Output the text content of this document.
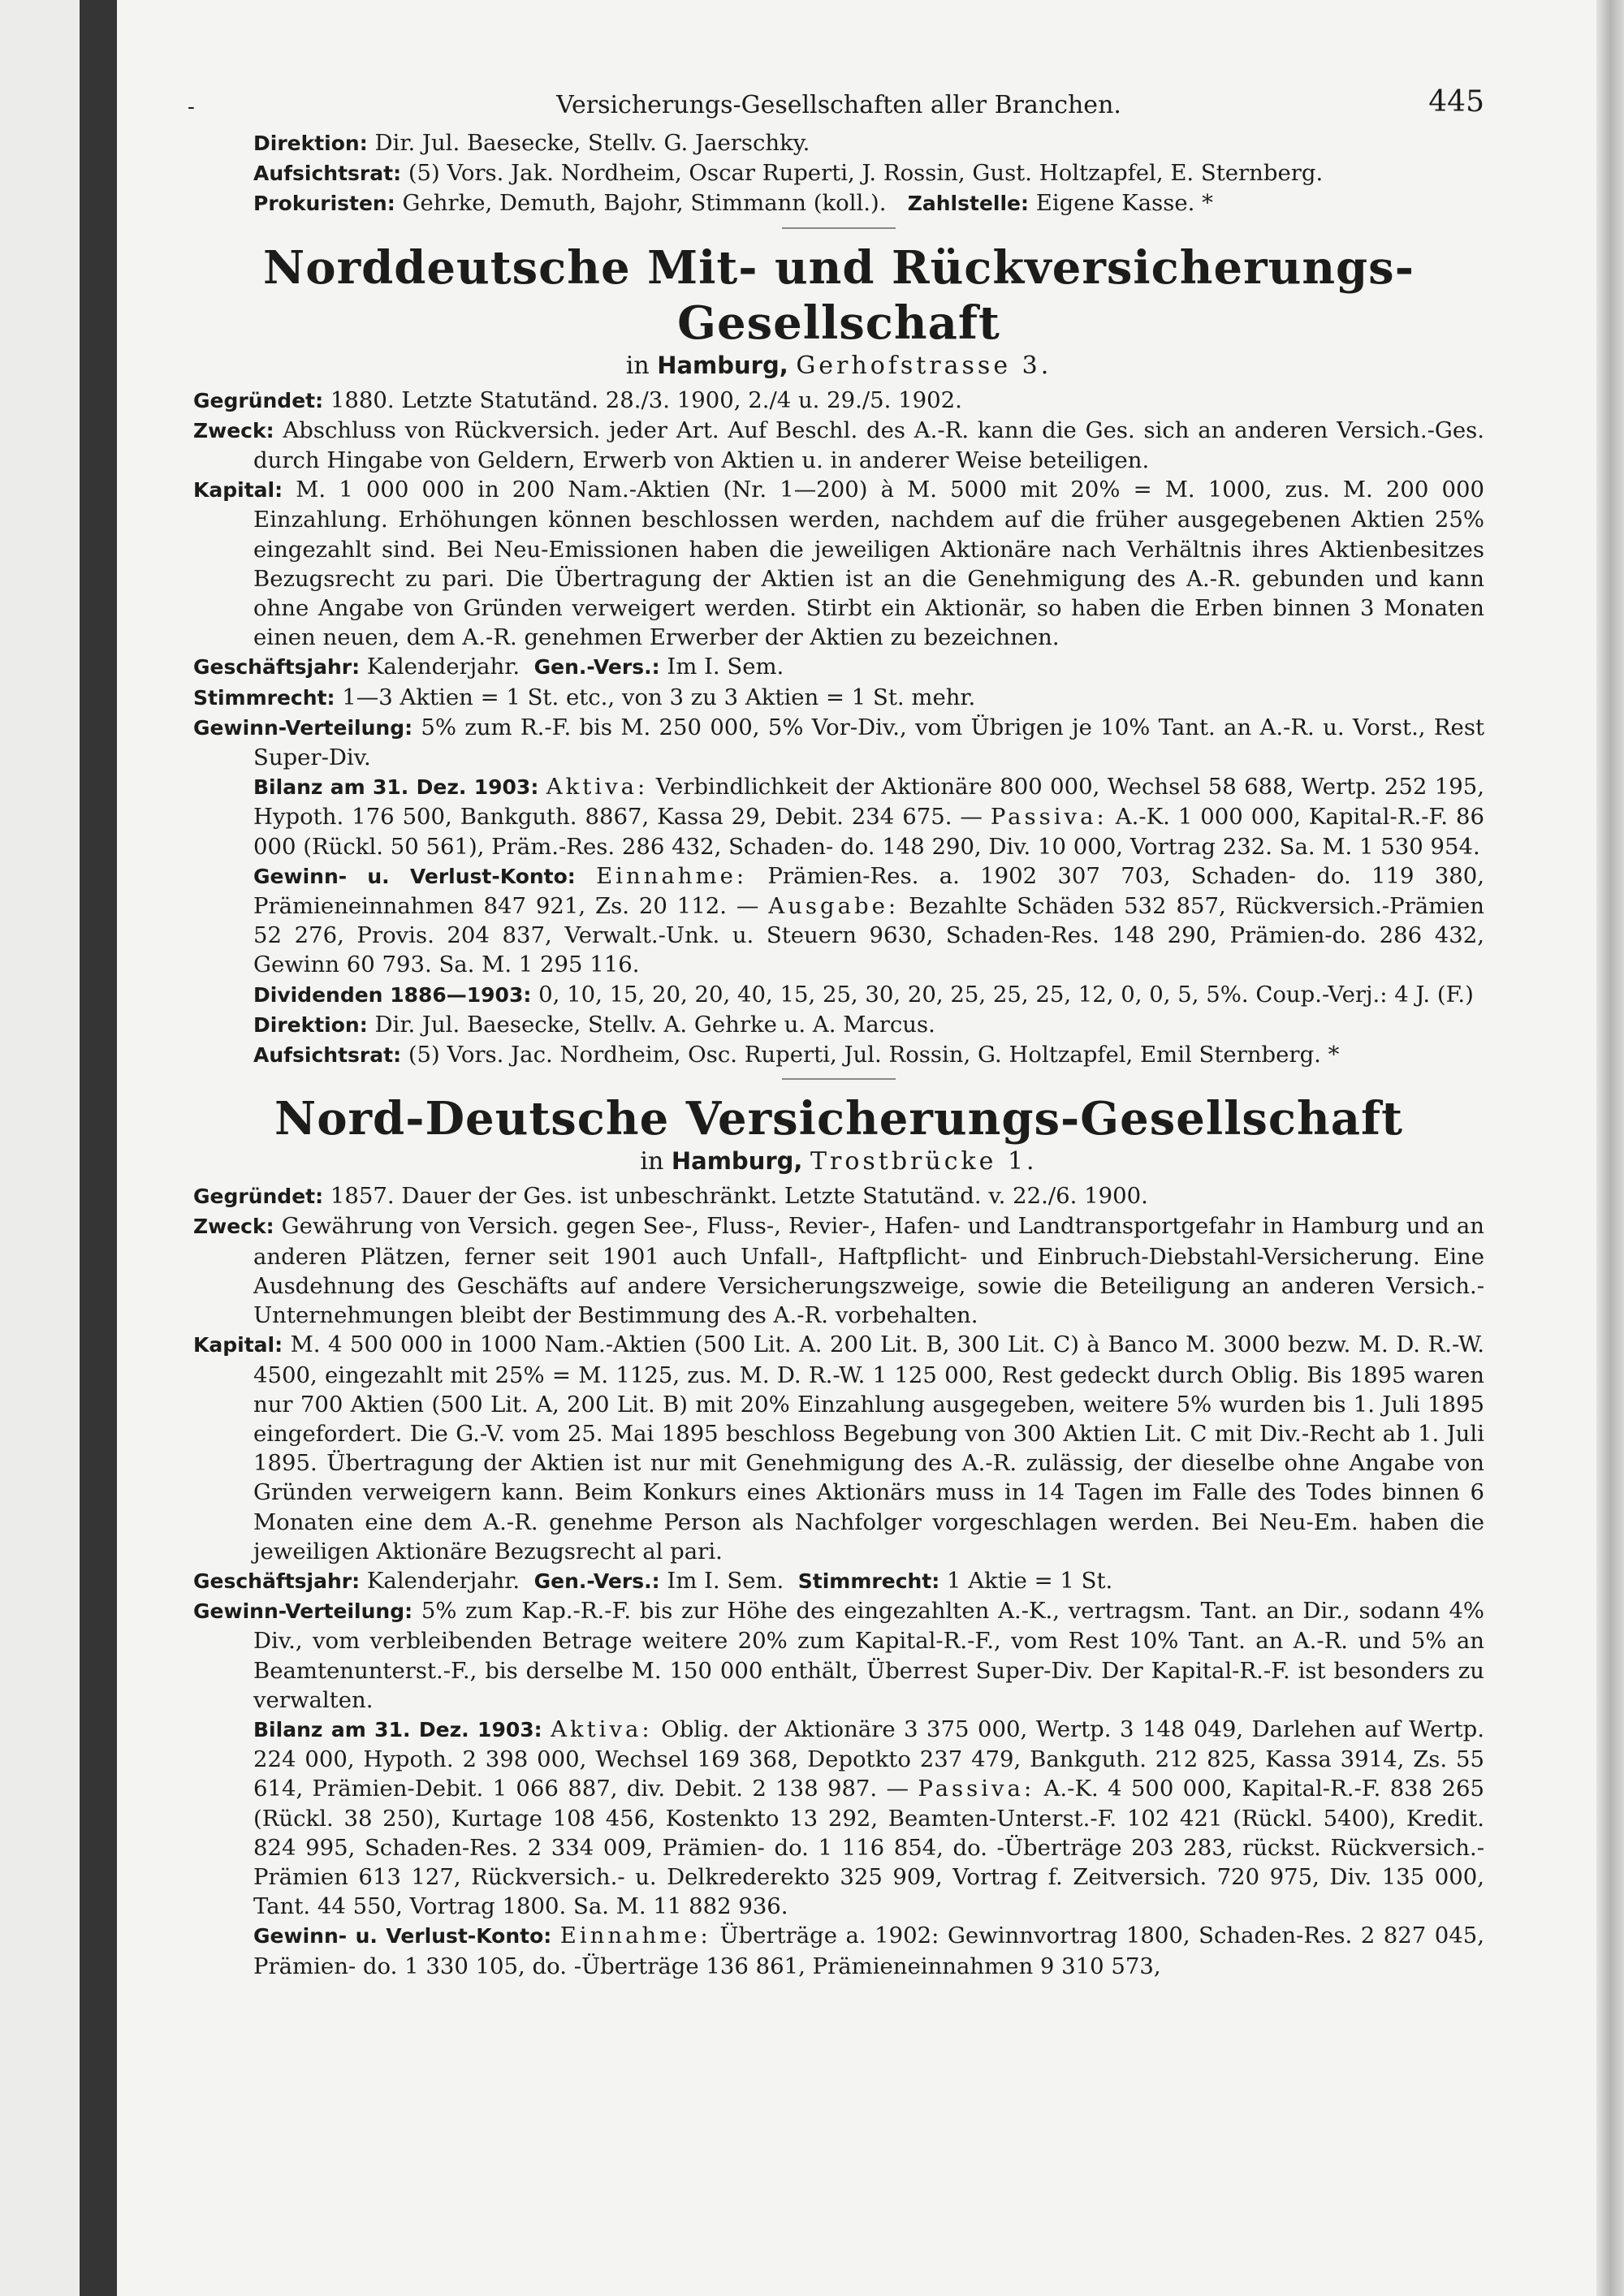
-	Versicherungs-Gesellschaften aller Branchen.	445

Direktion: Dir. Jul. Baesecke, Stellv. G. Jaerschky.

Aufsichtsrat: (5) Vors. Jak. Nordheim, Oscar Ruperti, J. Rossin, Gust. Holtzapfel, E. Sternberg.

Prokuristen: Gehrke, Demuth, Bajohr, Stimmann (koll.). Zahlstelle: Eigene Kasse. *

Norddeutsche Mit- und Rückversicherungs-Gesellschaft

in Hamburg, Gerhofstrasse 3.

Gegründet: 1880. Letzte Statutänd. 28./3. 1900, 2./4 u. 29./5. 1902.

Zweck: Abschluss von Rückversich. jeder Art. Auf Beschl. des A.-R. kann die Ges. sich an anderen Versich.-Ges. durch Hingabe von Geldern, Erwerb von Aktien u. in anderer Weise beteiligen.

Kapital: M. 1 000 000 in 200 Nam.-Aktien (Nr. 1—200) à M. 5000 mit 20% = M. 1000, zus. M. 200 000 Einzahlung. Erhöhungen können beschlossen werden, nachdem auf die früher ausgegebenen Aktien 25% eingezahlt sind. Bei Neu-Emissionen haben die jeweiligen Aktionäre nach Verhältnis ihres Aktienbesitzes Bezugsrecht zu pari. Die Übertragung der Aktien ist an die Genehmigung des A.-R. gebunden und kann ohne Angabe von Gründen verweigert werden. Stirbt ein Aktionär, so haben die Erben binnen 3 Monaten einen neuen, dem A.-R. genehmen Erwerber der Aktien zu bezeichnen.

Geschäftsjahr: Kalenderjahr. Gen.-Vers.: Im I. Sem.

Stimmrecht: 1—3 Aktien = 1 St. etc., von 3 zu 3 Aktien = 1 St. mehr.

Gewinn-Verteilung: 5% zum R.-F. bis M. 250 000, 5% Vor-Div., vom Übrigen je 10% Tant. an A.-R. u. Vorst., Rest Super-Div.

Bilanz am 31. Dez. 1903: Aktiva: Verbindlichkeit der Aktionäre 800 000, Wechsel 58 688, Wertp. 252 195, Hypoth. 176 500, Bankguth. 8867, Kassa 29, Debit. 234 675. — Passiva: A.-K. 1 000 000, Kapital-R.-F. 86 000 (Rückl. 50 561), Präm.-Res. 286 432, Schaden- do. 148 290, Div. 10 000, Vortrag 232. Sa. M. 1 530 954.

Gewinn- u. Verlust-Konto: Einnahme: Prämien-Res. a. 1902 307 703, Schaden- do. 119 380, Prämieneinnahmen 847 921, Zs. 20 112. — Ausgabe: Bezahlte Schäden 532 857, Rückversich.-Prämien 52 276, Provis. 204 837, Verwalt.-Unk. u. Steuern 9630, Schaden-Res. 148 290, Prämien-do. 286 432, Gewinn 60 793. Sa. M. 1 295 116.

Dividenden 1886—1903: 0, 10, 15, 20, 20, 40, 15, 25, 30, 20, 25, 25, 25, 12, 0, 0, 5, 5%. Coup.-Verj.: 4 J. (F.)

Direktion: Dir. Jul. Baesecke, Stellv. A. Gehrke u. A. Marcus.

Aufsichtsrat: (5) Vors. Jac. Nordheim, Osc. Ruperti, Jul. Rossin, G. Holtzapfel, Emil Sternberg. *

Nord-Deutsche Versicherungs-Gesellschaft

in Hamburg, Trostbrücke 1.

Gegründet: 1857. Dauer der Ges. ist unbeschränkt. Letzte Statutänd. v. 22./6. 1900.

Zweck: Gewährung von Versich. gegen See-, Fluss-, Revier-, Hafen- und Landtransportgefahr in Hamburg und an anderen Plätzen, ferner seit 1901 auch Unfall-, Haftpflicht- und Einbruch-Diebstahl-Versicherung. Eine Ausdehnung des Geschäfts auf andere Versicherungszweige, sowie die Beteiligung an anderen Versich.-Unternehmungen bleibt der Bestimmung des A.-R. vorbehalten.

Kapital: M. 4 500 000 in 1000 Nam.-Aktien (500 Lit. A. 200 Lit. B, 300 Lit. C) à Banco M. 3000 bezw. M. D. R.-W. 4500, eingezahlt mit 25% = M. 1125, zus. M. D. R.-W. 1 125 000, Rest gedeckt durch Oblig. Bis 1895 waren nur 700 Aktien (500 Lit. A, 200 Lit. B) mit 20% Einzahlung ausgegeben, weitere 5% wurden bis 1. Juli 1895 eingefordert. Die G.-V. vom 25. Mai 1895 beschloss Begebung von 300 Aktien Lit. C mit Div.-Recht ab 1. Juli 1895. Übertragung der Aktien ist nur mit Genehmigung des A.-R. zulässig, der dieselbe ohne Angabe von Gründen verweigern kann. Beim Konkurs eines Aktionärs muss in 14 Tagen im Falle des Todes binnen 6 Monaten eine dem A.-R. genehme Person als Nachfolger vorgeschlagen werden. Bei Neu-Em. haben die jeweiligen Aktionäre Bezugsrecht al pari.

Geschäftsjahr: Kalenderjahr. Gen.-Vers.: Im I. Sem. Stimmrecht: 1 Aktie = 1 St.

Gewinn-Verteilung: 5% zum Kap.-R.-F. bis zur Höhe des eingezahlten A.-K., vertragsm. Tant. an Dir., sodann 4% Div., vom verbleibenden Betrage weitere 20% zum Kapital-R.-F., vom Rest 10% Tant. an A.-R. und 5% an Beamtenunterst.-F., bis derselbe M. 150 000 enthält, Überrest Super-Div. Der Kapital-R.-F. ist besonders zu verwalten.

Bilanz am 31. Dez. 1903: Aktiva: Oblig. der Aktionäre 3 375 000, Wertp. 3 148 049, Darlehen auf Wertp. 224 000, Hypoth. 2 398 000, Wechsel 169 368, Depotkto 237 479, Bankguth. 212 825, Kassa 3914, Zs. 55 614, Prämien-Debit. 1 066 887, div. Debit. 2 138 987. — Passiva: A.-K. 4 500 000, Kapital-R.-F. 838 265 (Rückl. 38 250), Kurtage 108 456, Kostenkto 13 292, Beamten-Unterst.-F. 102 421 (Rückl. 5400), Kredit. 824 995, Schaden-Res. 2 334 009, Prämien- do. 1 116 854, do. -Überträge 203 283, rückst. Rückversich.-Prämien 613 127, Rückversich.- u. Delkrederekto 325 909, Vortrag f. Zeitversich. 720 975, Div. 135 000, Tant. 44 550, Vortrag 1800. Sa. M. 11 882 936.

Gewinn- u. Verlust-Konto: Einnahme: Überträge a. 1902: Gewinnvortrag 1800, Schaden-Res. 2 827 045, Prämien- do. 1 330 105, do. -Überträge 136 861, Prämieneinnahmen 9 310 573,
